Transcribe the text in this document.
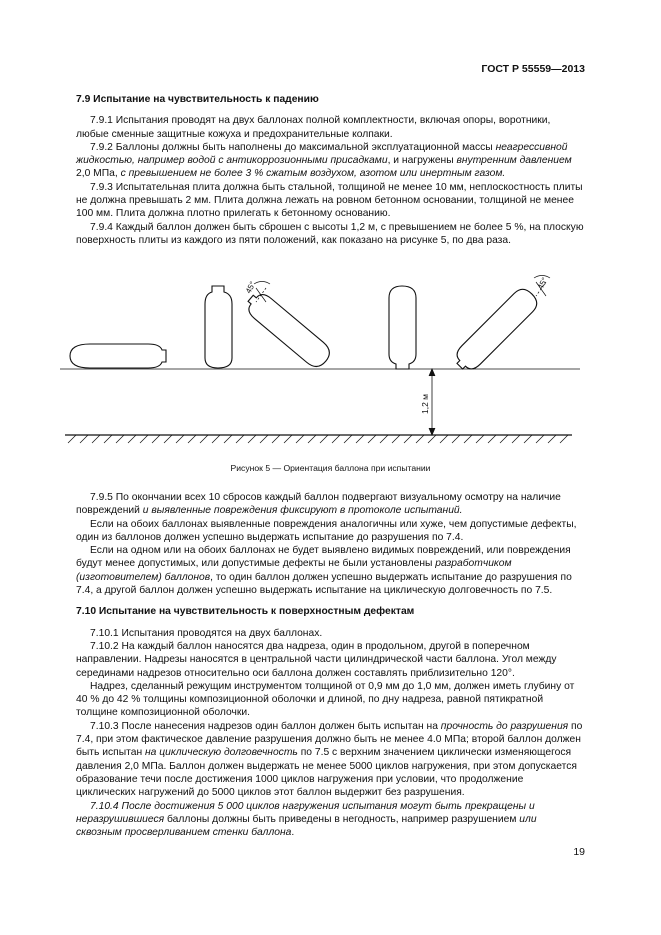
ГОСТ Р 55559—2013
7.9 Испытание на чувствительность к падению
7.9.1 Испытания проводят на двух баллонах полной комплектности, включая опоры, воротники, любые сменные защитные кожуха и предохранительные колпаки.
7.9.2 Баллоны должны быть наполнены до максимальной эксплуатационной массы неагрессивной жидкостью, например водой с антикоррозионными присадками, и нагружены внутренним давлением 2,0 МПа, с превышением не более 3 % сжатым воздухом, азотом или инертным газом.
7.9.3 Испытательная плита должна быть стальной, толщиной не менее 10 мм, неплоскостность плиты не должна превышать 2 мм. Плита должна лежать на ровном бетонном основании, толщиной не менее 100 мм. Плита должна плотно прилегать к бетонному основанию.
7.9.4 Каждый баллон должен быть сброшен с высоты 1,2 м, с превышением не более 5 %, на плоскую поверхность плиты из каждого из пяти положений, как показано на рисунке 5, по два раза.
45°	45°
1,2 м
Рисунок 5 — Ориентация баллона при испытании
7.9.5 По окончании всех 10 сбросов каждый баллон подвергают визуальному осмотру на наличие повреждений и выявленные повреждения фиксируют в протоколе испытаний.
Если на обоих баллонах выявленные повреждения аналогичны или хуже, чем допустимые дефекты, один из баллонов должен успешно выдержать испытание до разрушения по 7.4.
Если на одном или на обоих баллонах не будет выявлено видимых повреждений, или повреждения будут менее допустимых, или допустимые дефекты не были установлены разработчиком (изготовителем) баллонов, то один баллон должен успешно выдержать испытание до разрушения по 7.4, а другой баллон должен успешно выдержать испытание на циклическую долговечность по 7.5.
7.10 Испытание на чувствительность к поверхностным дефектам
7.10.1 Испытания проводятся на двух баллонах.
7.10.2 На каждый баллон наносятся два надреза, один в продольном, другой в поперечном направлении. Надрезы наносятся в центральной части цилиндрической части баллона. Угол между серединами надрезов относительно оси баллона должен составлять приблизительно 120°.
Надрез, сделанный режущим инструментом толщиной от 0,9 мм до 1,0 мм, должен иметь глубину от 40 % до 42 % толщины композиционной оболочки и длиной, по дну надреза, равной пятикратной толщине композиционной оболочки.
7.10.3 После нанесения надрезов один баллон должен быть испытан на прочность до разрушения по 7.4, при этом фактическое давление разрушения должно быть не менее 4.0 МПа; второй баллон должен быть испытан на циклическую долговечность по 7.5 с верхним значением циклически изменяющегося давления 2,0 МПа. Баллон должен выдержать не менее 5000 циклов нагружения, при этом допускается образование течи после достижения 1000 циклов нагружения при условии, что продолжение циклических нагружений до 5000 циклов этот баллон выдержит без разрушения.
7.10.4 После достижения 5 000 циклов нагружения испытания могут быть прекращены и неразрушившиеся баллоны должны быть приведены в негодность, например разрушением или сквозным просверливанием стенки баллона.
19
